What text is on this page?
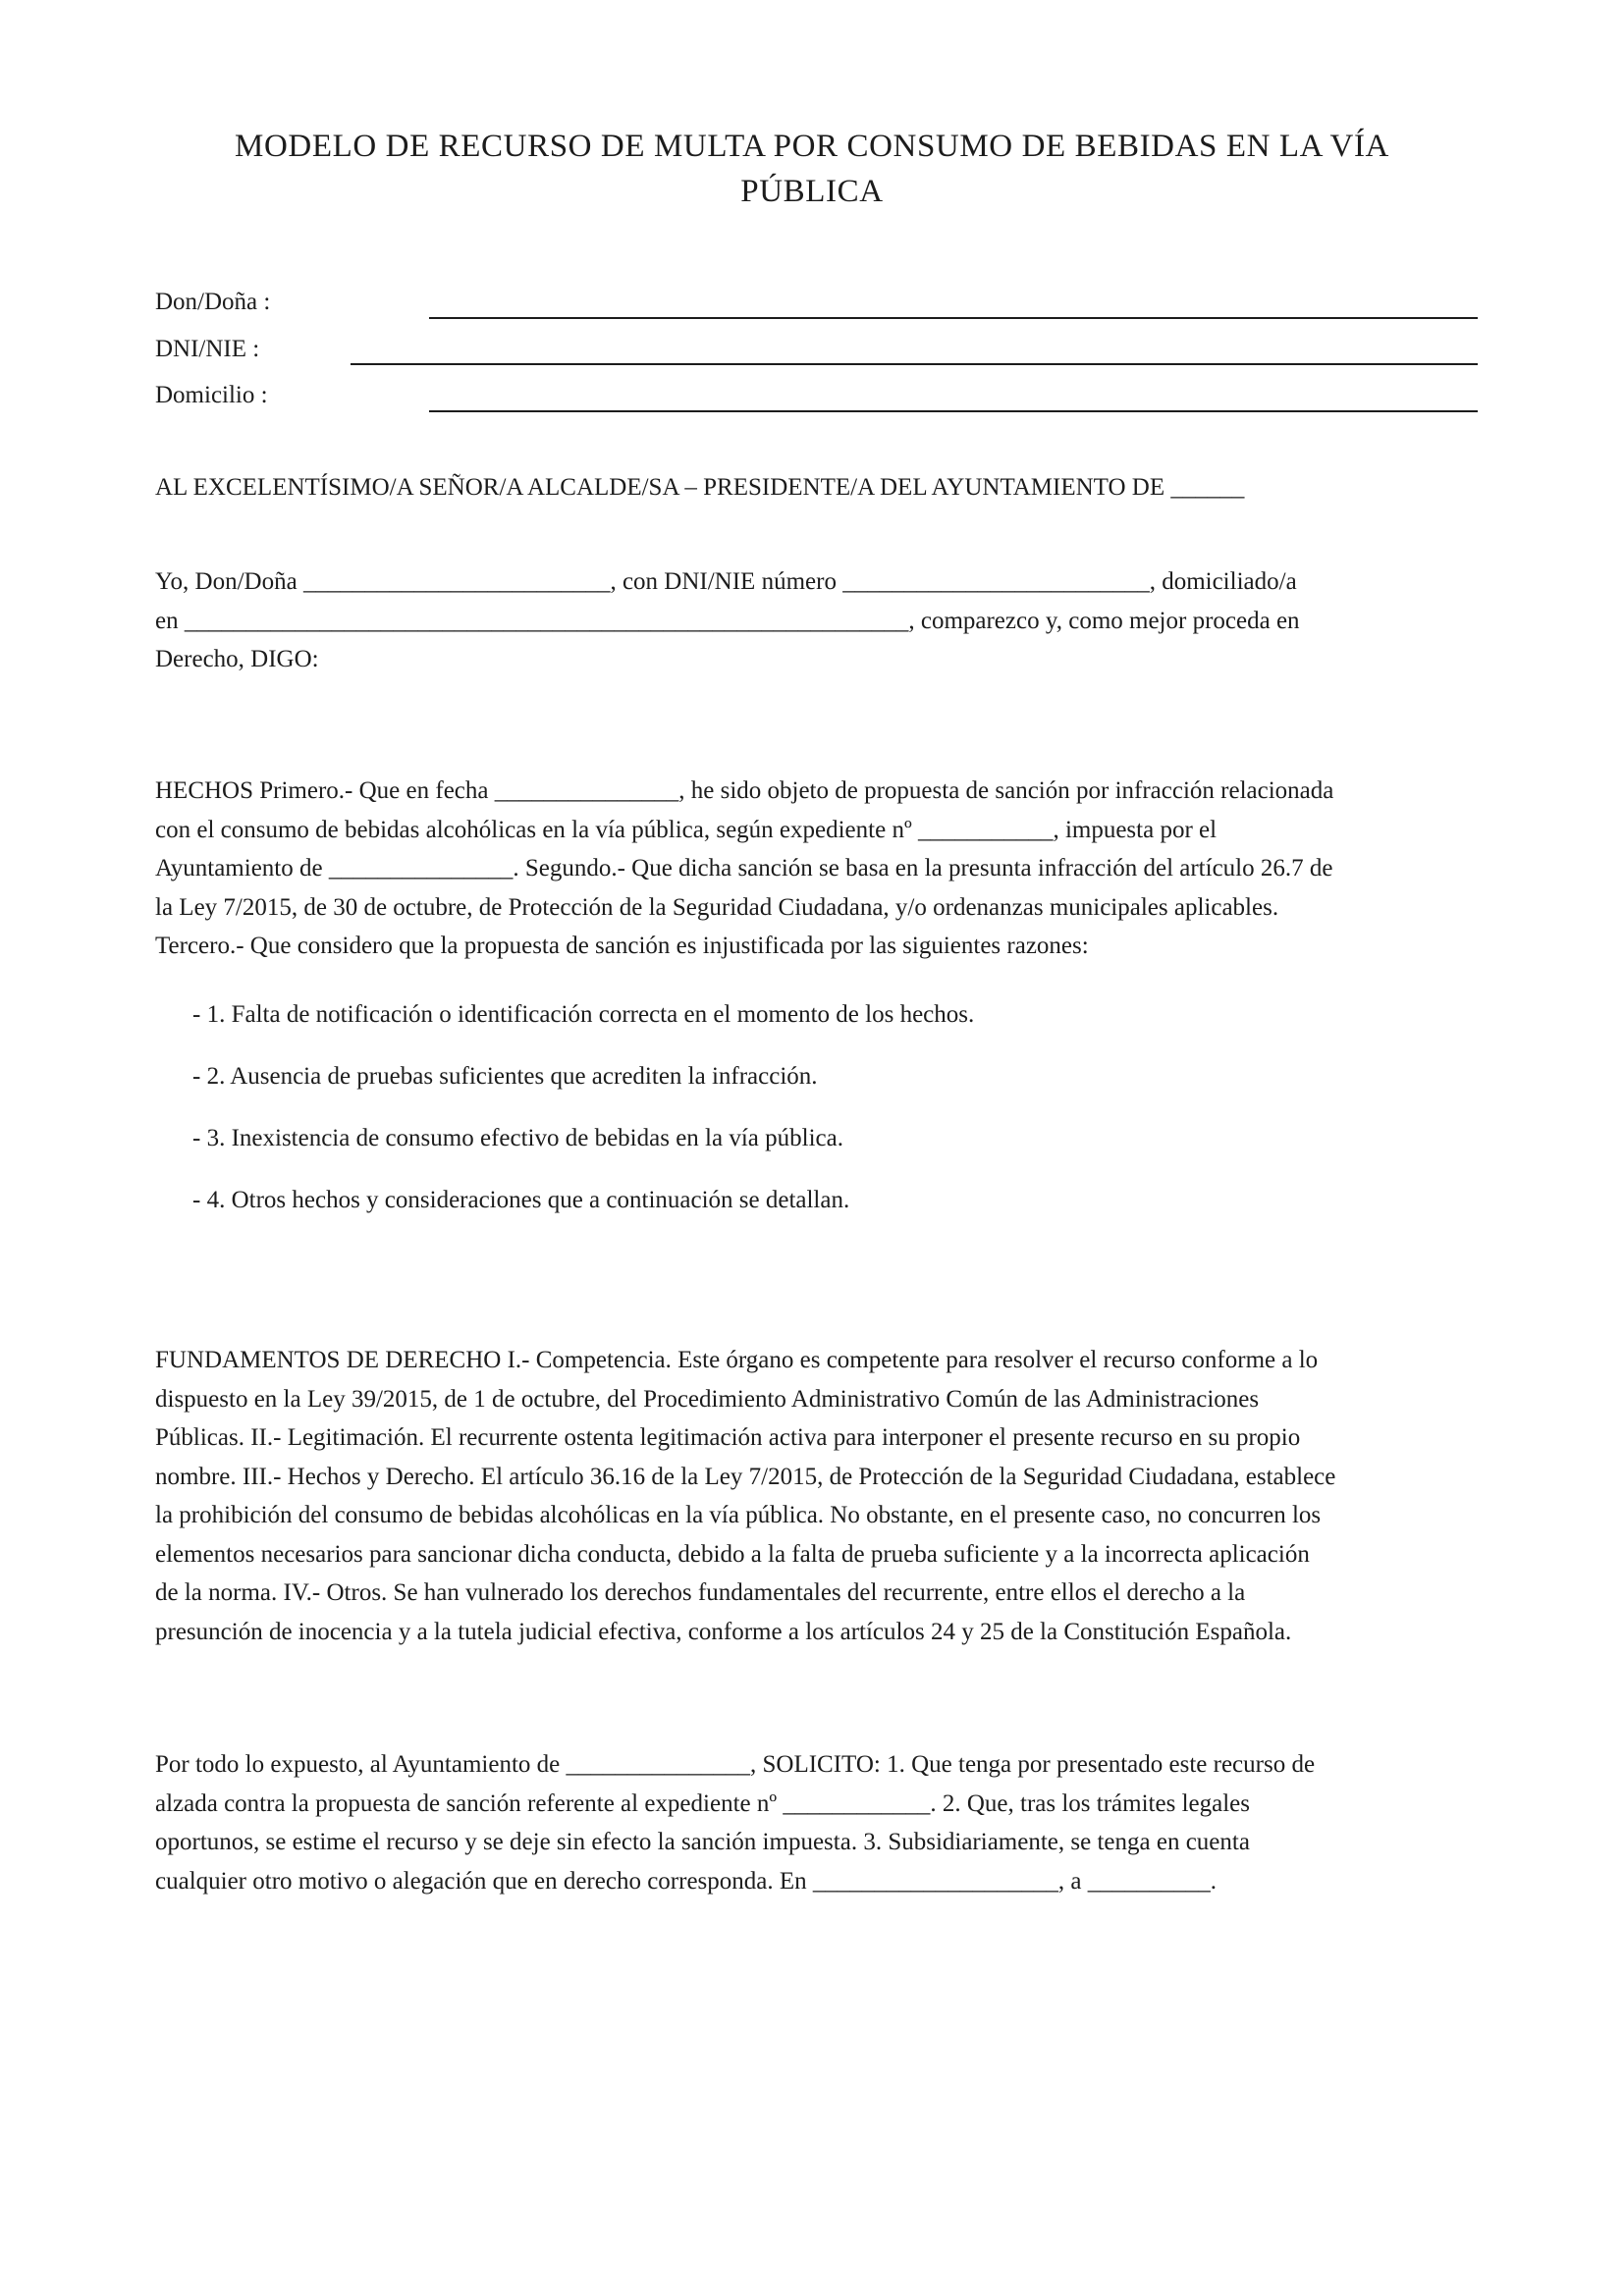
MODELO DE RECURSO DE MULTA POR CONSUMO DE BEBIDAS EN LA VÍA
PÚBLICA
Don/Doña :
DNI/NIE :
Domicilio :
AL EXCELENTÍSIMO/A SEÑOR/A ALCALDE/SA – PRESIDENTE/A DEL AYUNTAMIENTO DE ______
Yo, Don/Doña _________________________, con DNI/NIE número _________________________, domiciliado/a
en ___________________________________________________________, comparezco y, como mejor proceda en
Derecho, DIGO:
HECHOS Primero.- Que en fecha _______________, he sido objeto de propuesta de sanción por infracción relacionada
con el consumo de bebidas alcohólicas en la vía pública, según expediente nº ___________, impuesta por el
Ayuntamiento de _______________. Segundo.- Que dicha sanción se basa en la presunta infracción del artículo 26.7 de
la Ley 7/2015, de 30 de octubre, de Protección de la Seguridad Ciudadana, y/o ordenanzas municipales aplicables.
Tercero.- Que considero que la propuesta de sanción es injustificada por las siguientes razones:
- 1. Falta de notificación o identificación correcta en el momento de los hechos.
- 2. Ausencia de pruebas suficientes que acrediten la infracción.
- 3. Inexistencia de consumo efectivo de bebidas en la vía pública.
- 4. Otros hechos y consideraciones que a continuación se detallan.
FUNDAMENTOS DE DERECHO I.- Competencia. Este órgano es competente para resolver el recurso conforme a lo
dispuesto en la Ley 39/2015, de 1 de octubre, del Procedimiento Administrativo Común de las Administraciones
Públicas. II.- Legitimación. El recurrente ostenta legitimación activa para interponer el presente recurso en su propio
nombre. III.- Hechos y Derecho. El artículo 36.16 de la Ley 7/2015, de Protección de la Seguridad Ciudadana, establece
la prohibición del consumo de bebidas alcohólicas en la vía pública. No obstante, en el presente caso, no concurren los
elementos necesarios para sancionar dicha conducta, debido a la falta de prueba suficiente y a la incorrecta aplicación
de la norma. IV.- Otros. Se han vulnerado los derechos fundamentales del recurrente, entre ellos el derecho a la
presunción de inocencia y a la tutela judicial efectiva, conforme a los artículos 24 y 25 de la Constitución Española.
Por todo lo expuesto, al Ayuntamiento de _______________, SOLICITO: 1. Que tenga por presentado este recurso de
alzada contra la propuesta de sanción referente al expediente nº ____________. 2. Que, tras los trámites legales
oportunos, se estime el recurso y se deje sin efecto la sanción impuesta. 3. Subsidiariamente, se tenga en cuenta
cualquier otro motivo o alegación que en derecho corresponda. En ____________________, a __________.
